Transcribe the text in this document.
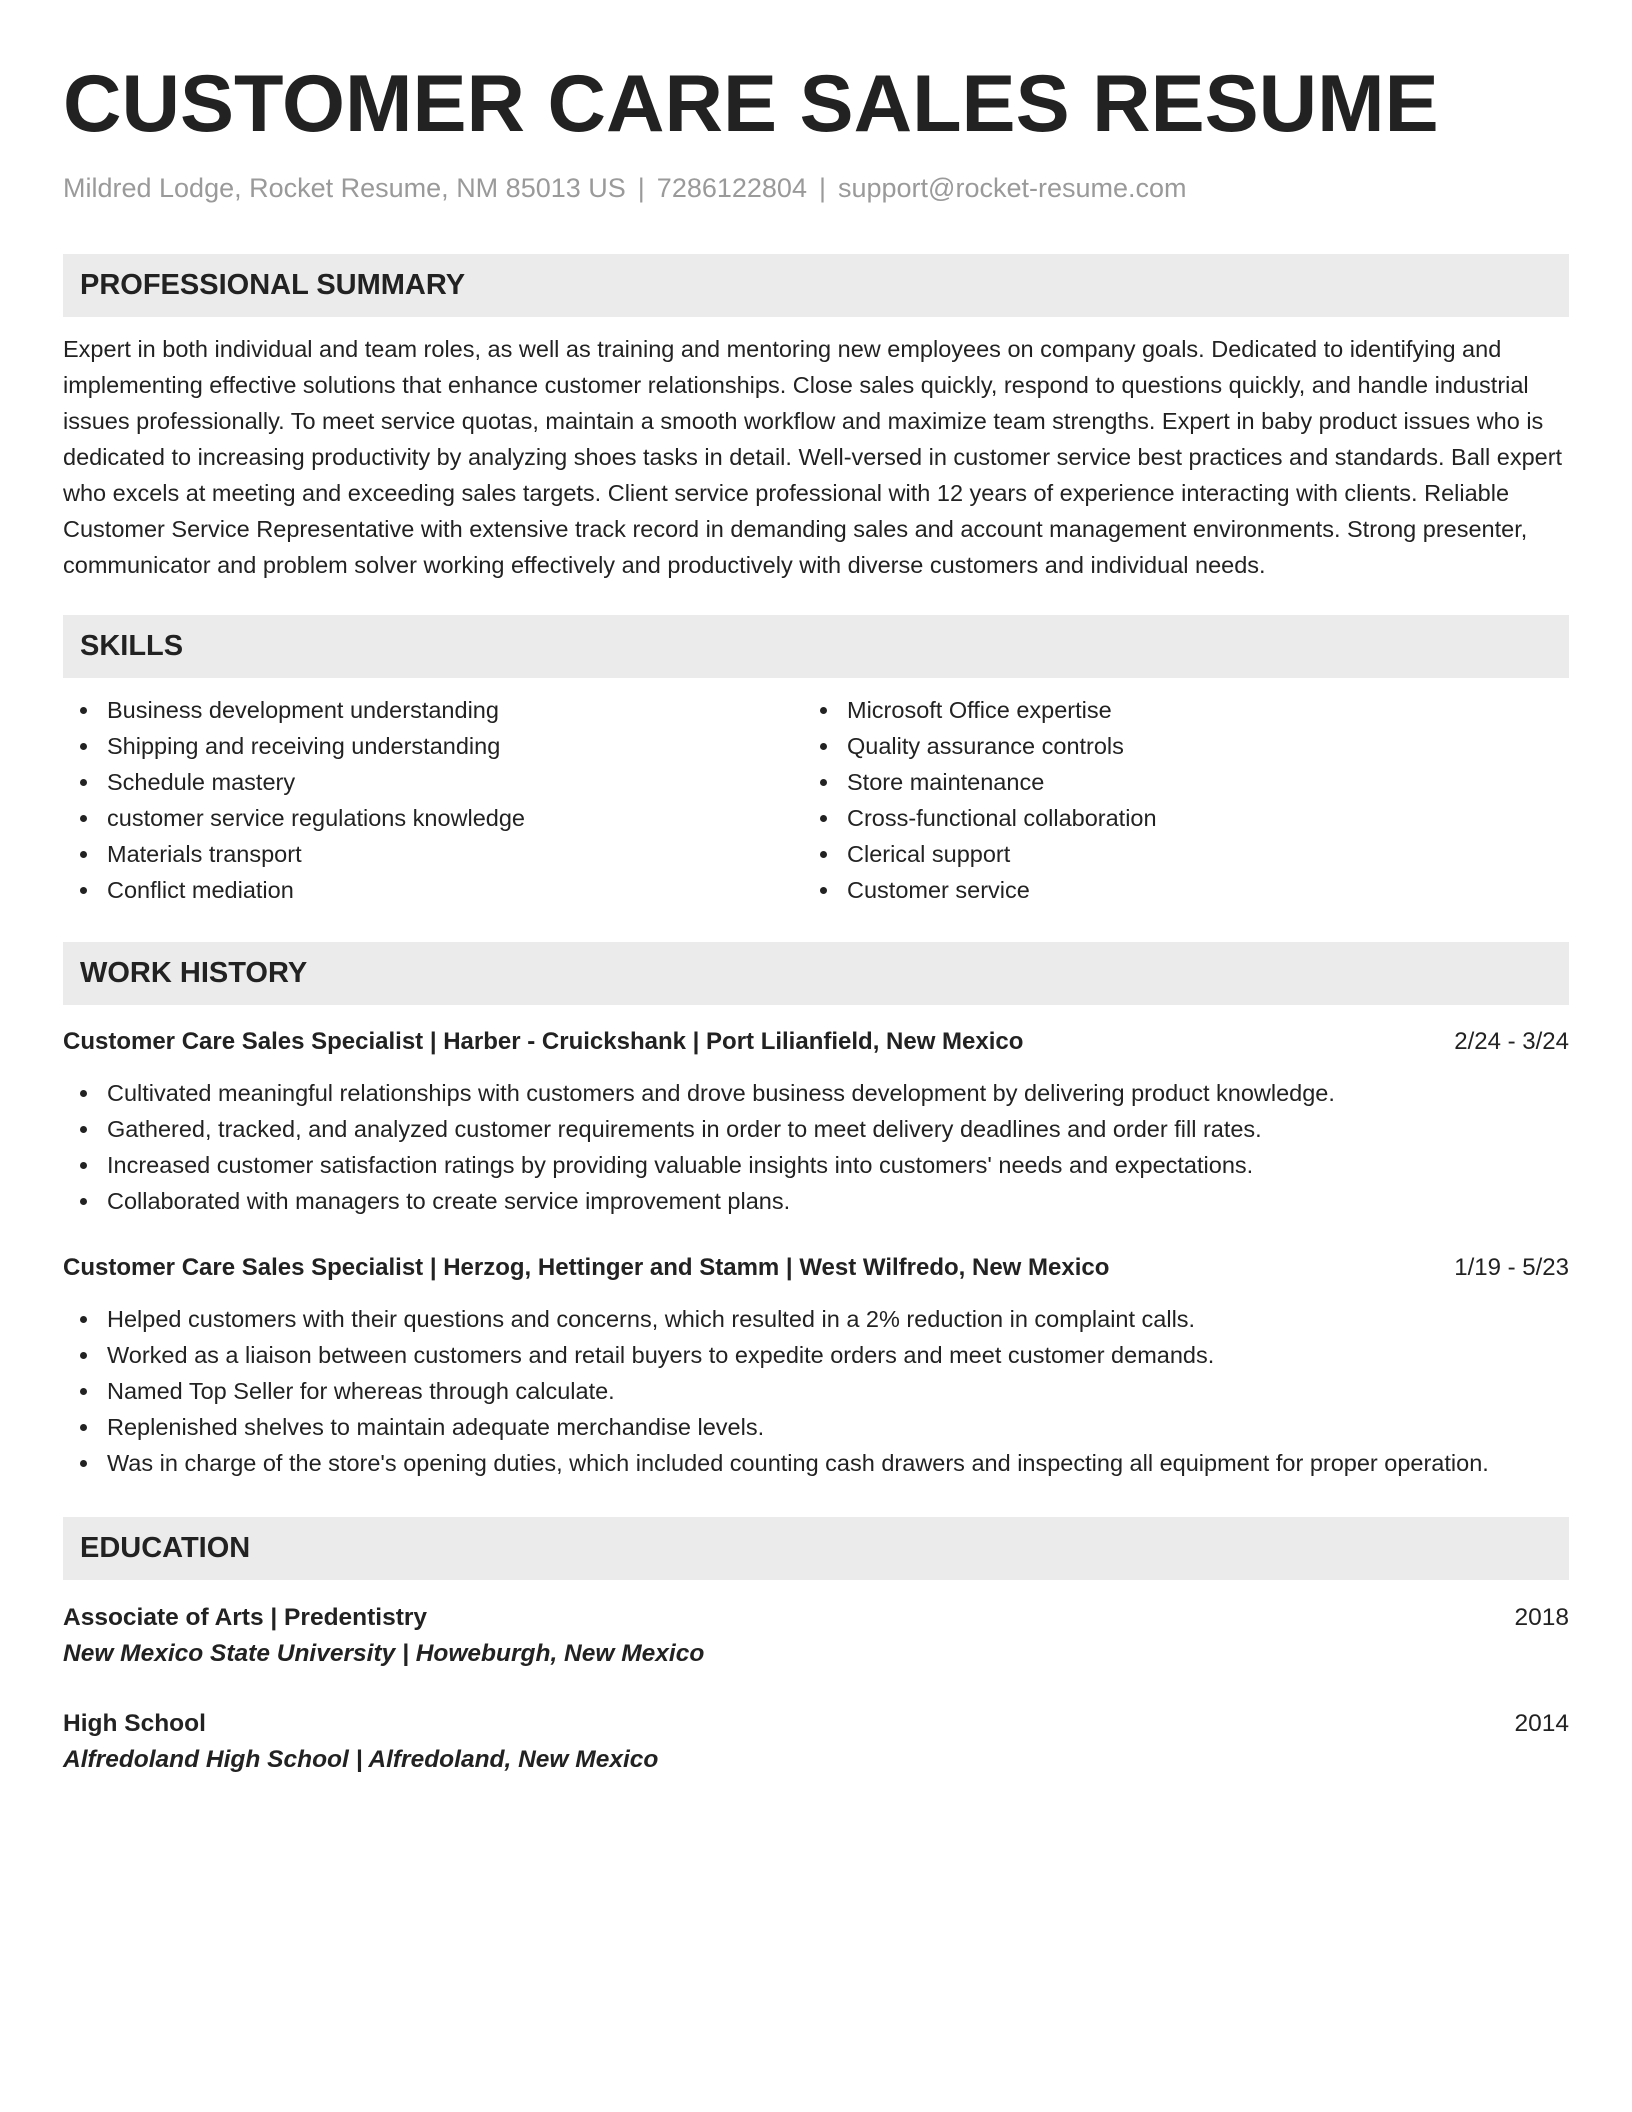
CUSTOMER CARE SALES RESUME
Mildred Lodge, Rocket Resume, NM 85013 US | 7286122804 | support@rocket-resume.com
PROFESSIONAL SUMMARY
Expert in both individual and team roles, as well as training and mentoring new employees on company goals. Dedicated to identifying and implementing effective solutions that enhance customer relationships. Close sales quickly, respond to questions quickly, and handle industrial issues professionally. To meet service quotas, maintain a smooth workflow and maximize team strengths. Expert in baby product issues who is dedicated to increasing productivity by analyzing shoes tasks in detail. Well-versed in customer service best practices and standards. Ball expert who excels at meeting and exceeding sales targets. Client service professional with 12 years of experience interacting with clients. Reliable Customer Service Representative with extensive track record in demanding sales and account management environments. Strong presenter, communicator and problem solver working effectively and productively with diverse customers and individual needs.
SKILLS
Business development understanding
Shipping and receiving understanding
Schedule mastery
customer service regulations knowledge
Materials transport
Conflict mediation
Microsoft Office expertise
Quality assurance controls
Store maintenance
Cross-functional collaboration
Clerical support
Customer service
WORK HISTORY
Customer Care Sales Specialist | Harber - Cruickshank | Port Lilianfield, New Mexico	2/24 - 3/24
Cultivated meaningful relationships with customers and drove business development by delivering product knowledge.
Gathered, tracked, and analyzed customer requirements in order to meet delivery deadlines and order fill rates.
Increased customer satisfaction ratings by providing valuable insights into customers' needs and expectations.
Collaborated with managers to create service improvement plans.
Customer Care Sales Specialist | Herzog, Hettinger and Stamm | West Wilfredo, New Mexico	1/19 - 5/23
Helped customers with their questions and concerns, which resulted in a 2% reduction in complaint calls.
Worked as a liaison between customers and retail buyers to expedite orders and meet customer demands.
Named Top Seller for whereas through calculate.
Replenished shelves to maintain adequate merchandise levels.
Was in charge of the store's opening duties, which included counting cash drawers and inspecting all equipment for proper operation.
EDUCATION
Associate of Arts | Predentistry	2018
New Mexico State University | Howeburgh, New Mexico
High School	2014
Alfredoland High School | Alfredoland, New Mexico
